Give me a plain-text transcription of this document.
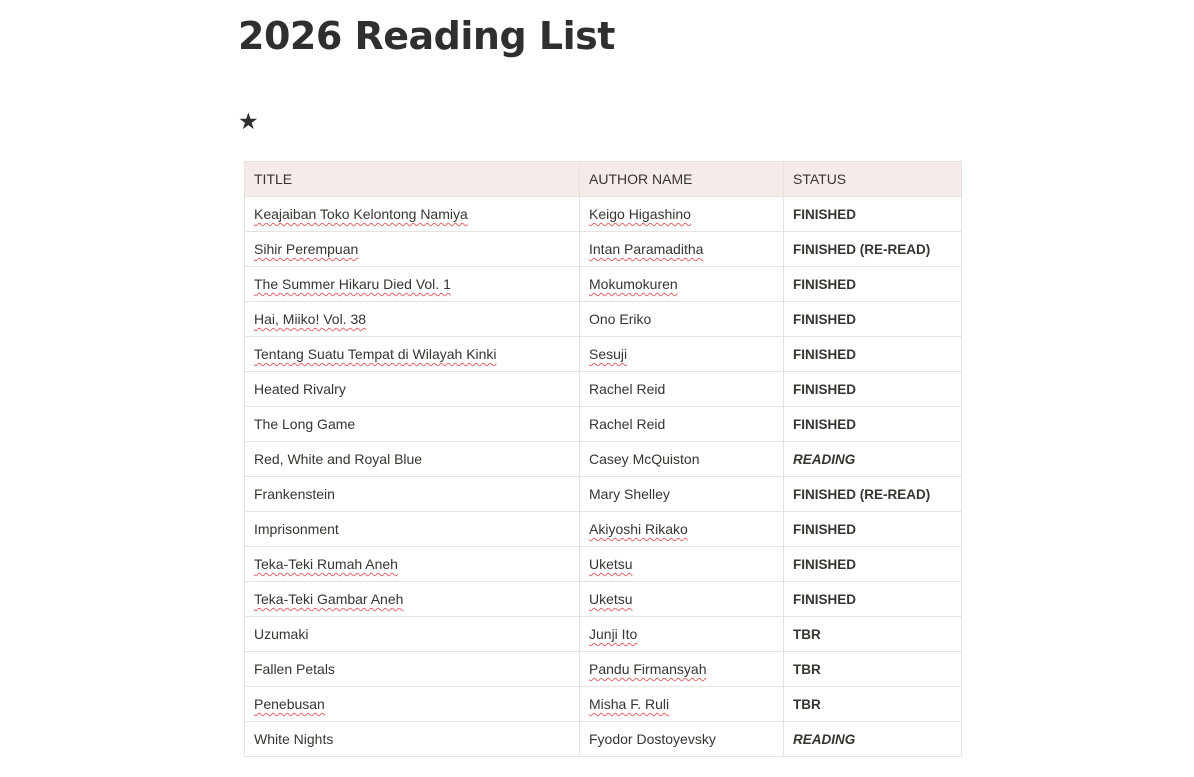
2026 Reading List
★
TITLE	AUTHOR NAME	STATUS
Keajaiban Toko Kelontong Namiya	Keigo Higashino	FINISHED
Sihir Perempuan	Intan Paramaditha	FINISHED (RE-READ)
The Summer Hikaru Died Vol. 1	Mokumokuren	FINISHED
Hai, Miiko! Vol. 38	Ono Eriko	FINISHED
Tentang Suatu Tempat di Wilayah Kinki	Sesuji	FINISHED
Heated Rivalry	Rachel Reid	FINISHED
The Long Game	Rachel Reid	FINISHED
Red, White and Royal Blue	Casey McQuiston	READING
Frankenstein	Mary Shelley	FINISHED (RE-READ)
Imprisonment	Akiyoshi Rikako	FINISHED
Teka-Teki Rumah Aneh	Uketsu	FINISHED
Teka-Teki Gambar Aneh	Uketsu	FINISHED
Uzumaki	Junji Ito	TBR
Fallen Petals	Pandu Firmansyah	TBR
Penebusan	Misha F. Ruli	TBR
White Nights	Fyodor Dostoyevsky	READING
